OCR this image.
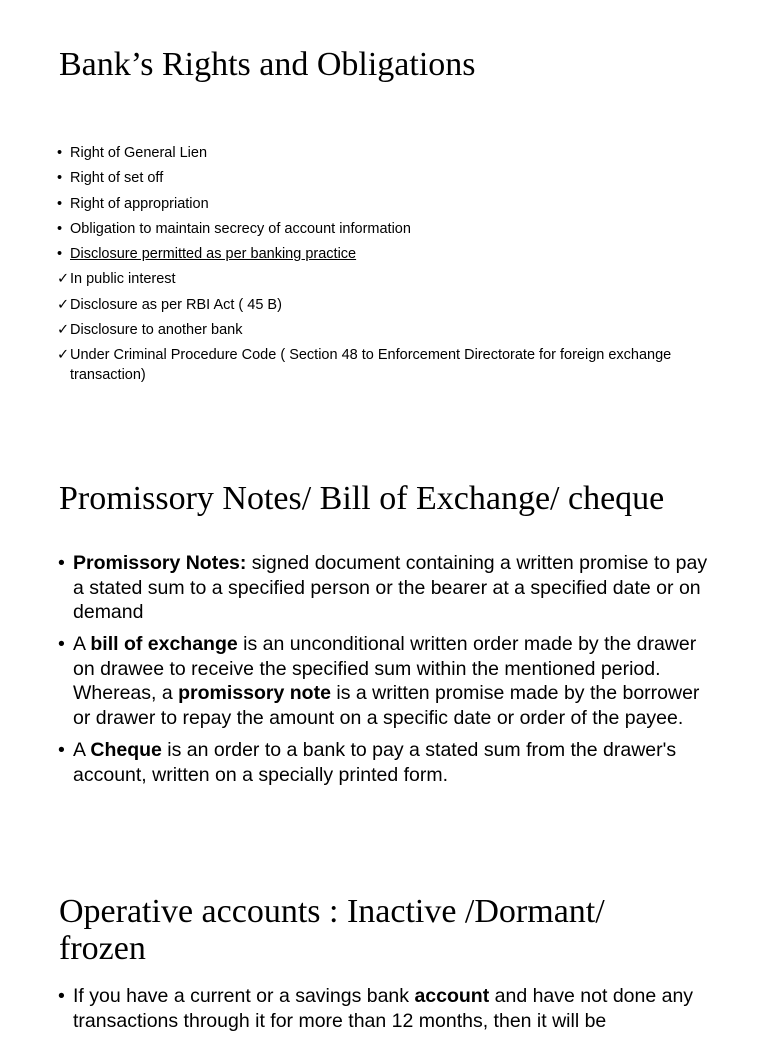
Bank’s Rights and Obligations
• Right of General Lien
• Right of set off
• Right of appropriation
• Obligation to maintain secrecy of account information
• Disclosure permitted as per banking practice
✓ In public interest
✓ Disclosure as per RBI Act ( 45 B)
✓ Disclosure to another bank
✓ Under Criminal Procedure Code ( Section 48 to Enforcement Directorate for foreign exchange transaction)
Promissory Notes/ Bill of Exchange/ cheque
• Promissory Notes: signed document containing a written promise to pay a stated sum to a specified person or the bearer at a specified date or on demand
• A bill of exchange is an unconditional written order made by the drawer on drawee to receive the specified sum within the mentioned period. Whereas, a promissory note is a written promise made by the borrower or drawer to repay the amount on a specific date or order of the payee.
• A Cheque is an order to a bank to pay a stated sum from the drawer's account, written on a specially printed form.
Operative accounts : Inactive /Dormant/
frozen
• If you have a current or a savings bank account and have not done any transactions through it for more than 12 months, then it will be
